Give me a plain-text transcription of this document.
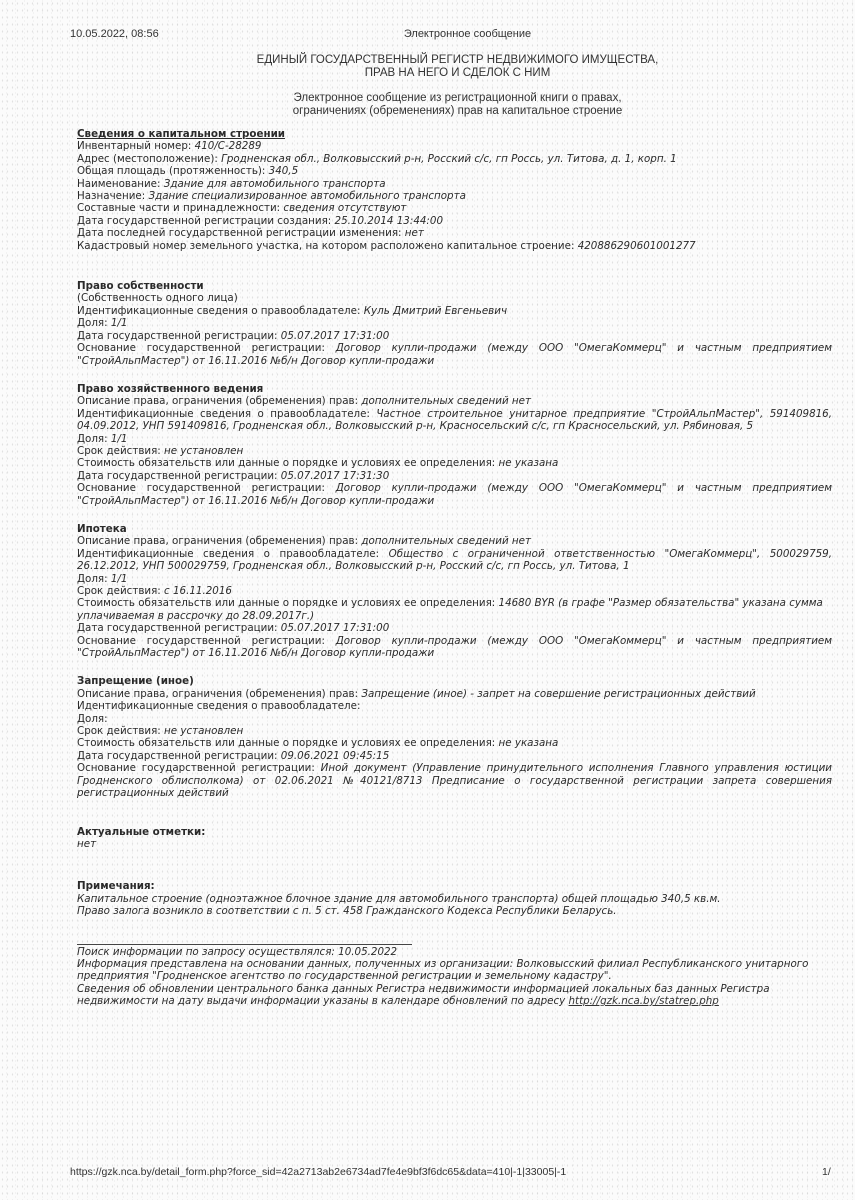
10.05.2022, 08:56	Электронное сообщение
ЕДИНЫЙ ГОСУДАРСТВЕННЫЙ РЕГИСТР НЕДВИЖИМОГО ИМУЩЕСТВА,
ПРАВ НА НЕГО И СДЕЛОК С НИМ
Электронное сообщение из регистрационной книги о правах,
ограничениях (обременениях) прав на капитальное строение
Сведения о капитальном строении
Инвентарный номер: 410/С-28289
Адрес (местоположение): Гродненская обл., Волковысский р-н, Росский с/с, гп Россь, ул. Титова, д. 1, корп. 1
Общая площадь (протяженность): 340,5
Наименование: Здание для автомобильного транспорта
Назначение: Здание специализированное автомобильного транспорта
Составные части и принадлежности: сведения отсутствуют
Дата государственной регистрации создания: 25.10.2014 13:44:00
Дата последней государственной регистрации изменения: нет
Кадастровый номер земельного участка, на котором расположено капитальное строение: 420886290601001277
Право собственности
(Собственность одного лица)
Идентификационные сведения о правообладателе: Куль Дмитрий Евгеньевич
Доля: 1/1
Дата государственной регистрации: 05.07.2017 17:31:00
Основание государственной регистрации: Договор купли-продажи (между ООО "ОмегаКоммерц" и частным предприятием "СтройАльпМастер") от 16.11.2016 №б/н Договор купли-продажи
Право хозяйственного ведения
Описание права, ограничения (обременения) прав: дополнительных сведений нет
Идентификационные сведения о правообладателе: Частное строительное унитарное предприятие "СтройАльпМастер", 591409816, 04.09.2012, УНП 591409816, Гродненская обл., Волковысский р-н, Красносельский с/с, гп Красносельский, ул. Рябиновая, 5
Доля: 1/1
Срок действия: не установлен
Стоимость обязательств или данные о порядке и условиях ее определения: не указана
Дата государственной регистрации: 05.07.2017 17:31:30
Основание государственной регистрации: Договор купли-продажи (между ООО "ОмегаКоммерц" и частным предприятием "СтройАльпМастер") от 16.11.2016 №б/н Договор купли-продажи
Ипотека
Описание права, ограничения (обременения) прав: дополнительных сведений нет
Идентификационные сведения о правообладателе: Общество с ограниченной ответственностью "ОмегаКоммерц", 500029759, 26.12.2012, УНП 500029759, Гродненская обл., Волковысский р-н, Росский с/с, гп Россь, ул. Титова, 1
Доля: 1/1
Срок действия: с 16.11.2016
Стоимость обязательств или данные о порядке и условиях ее определения: 14680 BYR (в графе "Размер обязательства" указана сумма уплачиваемая в рассрочку до 28.09.2017г.)
Дата государственной регистрации: 05.07.2017 17:31:00
Основание государственной регистрации: Договор купли-продажи (между ООО "ОмегаКоммерц" и частным предприятием "СтройАльпМастер") от 16.11.2016 №б/н Договор купли-продажи
Запрещение (иное)
Описание права, ограничения (обременения) прав: Запрещение (иное) - запрет на совершение регистрационных действий
Идентификационные сведения о правообладателе:
Доля:
Срок действия: не установлен
Стоимость обязательств или данные о порядке и условиях ее определения: не указана
Дата государственной регистрации: 09.06.2021 09:45:15
Основание государственной регистрации: Иной документ (Управление принудительного исполнения Главного управления юстиции Гродненского облисполкома) от 02.06.2021 №40121/8713 Предписание о государственной регистрации запрета совершения регистрационных действий
Актуальные отметки:
нет
Примечания:
Капитальное строение (одноэтажное блочное здание для автомобильного транспорта) общей площадью 340,5 кв.м.
Право залога возникло в соответствии с п. 5 ст. 458 Гражданского Кодекса Республики Беларусь.
Поиск информации по запросу осуществлялся: 10.05.2022
Информация представлена на основании данных, полученных из организации: Волковысский филиал Республиканского унитарного предприятия "Гродненское агентство по государственной регистрации и земельному кадастру".
Сведения об обновлении центрального банка данных Регистра недвижимости информацией локальных баз данных Регистра недвижимости на дату выдачи информации указаны в календаре обновлений по адресу http://gzk.nca.by/statrep.php
https://gzk.nca.by/detail_form.php?force_sid=42a2713ab2e6734ad7fe4e9bf3f6dc65&data=410|-1|33005|-1	1/
